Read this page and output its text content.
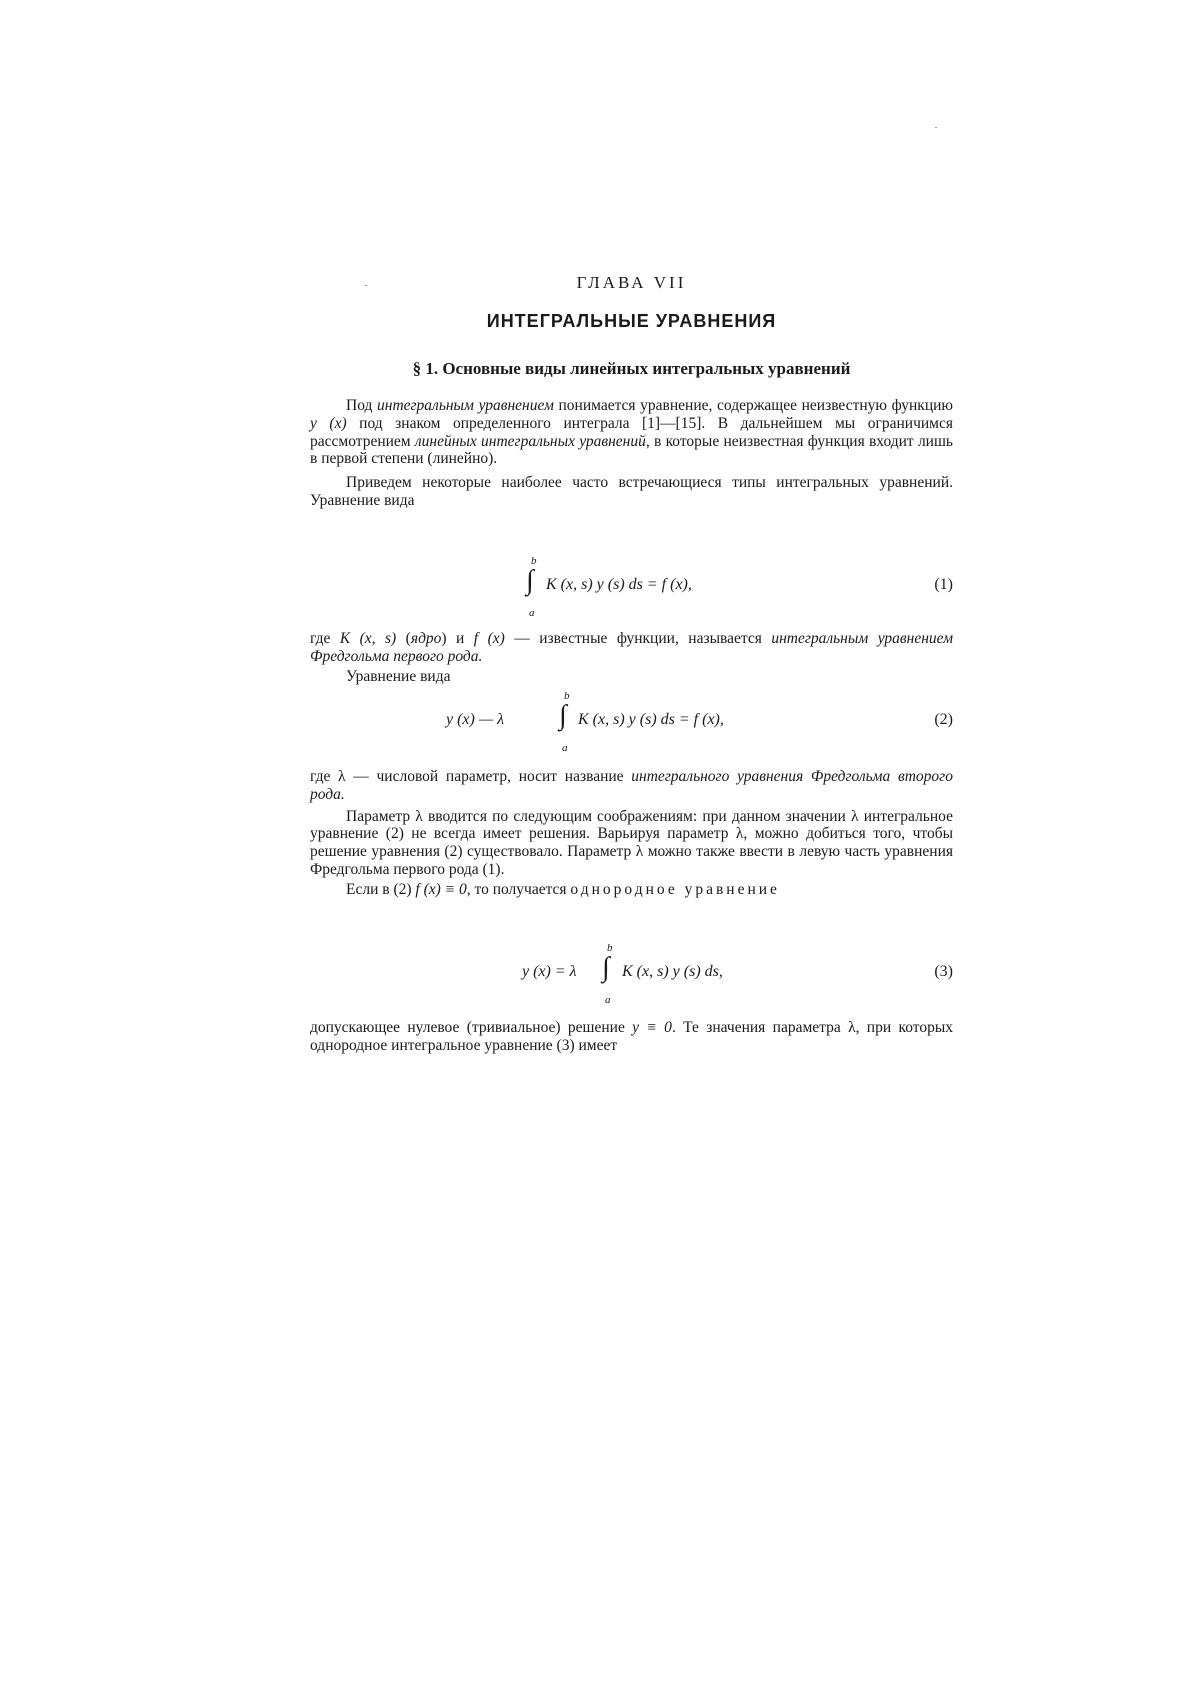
ГЛАВА VII
ИНТЕГРАЛЬНЫЕ УРАВНЕНИЯ
§ 1. Основные виды линейных интегральных уравнений

Под интегральным уравнением понимается уравнение, содержащее неизвестную функцию y (x) под знаком определенного интеграла [1]—[15]. В дальнейшем мы ограничимся рассмотрением линейных интегральных уравнений, в которые неизвестная функция входит лишь в первой степени (линейно).

Приведем некоторые наиболее часто встречающиеся типы интегральных уравнений. Уравнение вида

b
∫
a
K (x, s) y (s) ds = f (x),	(1)

где K (x, s) (ядро) и f (x) — известные функции, называется интегральным уравнением Фредгольма первого рода.

Уравнение вида

y (x) — λ
b
∫
a
K (x, s) y (s) ds = f (x),	(2)

где λ — числовой параметр, носит название интегрального уравнения Фредгольма второго рода.

Параметр λ вводится по следующим соображениям: при данном значении λ интегральное уравнение (2) не всегда имеет решения. Варьируя параметр λ, можно добиться того, чтобы решение уравнения (2) существовало. Параметр λ можно также ввести в левую часть уравнения Фредгольма первого рода (1).

Если в (2) f (x) ≡ 0, то получается однородное уравнение

y (x) = λ
b
∫
a
K (x, s) y (s) ds,	(3)

допускающее нулевое (тривиальное) решение y ≡ 0. Те значения параметра λ, при которых однородное интегральное уравнение (3) имеет
